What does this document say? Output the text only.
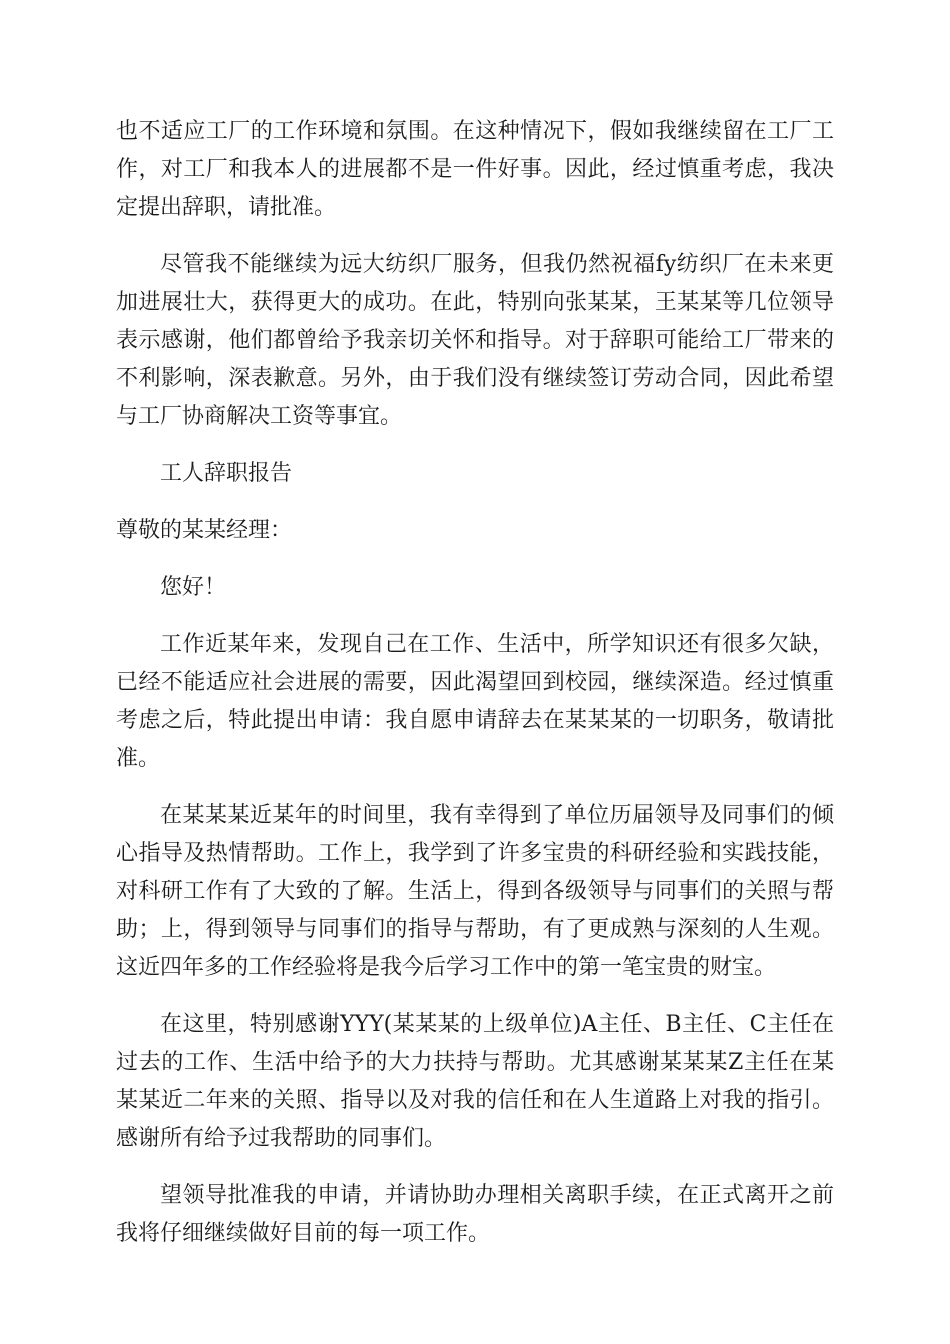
也不适应工厂的工作环境和氛围。在这种情况下，假如我继续留在工厂工作，对工厂和我本人的进展都不是一件好事。因此，经过慎重考虑，我决定提出辞职，请批准。

尽管我不能继续为远大纺织厂服务，但我仍然祝福fy纺织厂在未来更加进展壮大，获得更大的成功。在此，特别向张某某，王某某等几位领导表示感谢，他们都曾给予我亲切关怀和指导。对于辞职可能给工厂带来的不利影响，深表歉意。另外，由于我们没有继续签订劳动合同，因此希望与工厂协商解决工资等事宜。

工人辞职报告

尊敬的某某经理：

您好！

工作近某年来，发现自己在工作、生活中，所学知识还有很多欠缺，已经不能适应社会进展的需要，因此渴望回到校园，继续深造。经过慎重考虑之后，特此提出申请：我自愿申请辞去在某某某的一切职务，敬请批准。

在某某某近某年的时间里，我有幸得到了单位历届领导及同事们的倾心指导及热情帮助。工作上，我学到了许多宝贵的科研经验和实践技能，对科研工作有了大致的了解。生活上，得到各级领导与同事们的关照与帮助；上，得到领导与同事们的指导与帮助，有了更成熟与深刻的人生观。这近四年多的工作经验将是我今后学习工作中的第一笔宝贵的财宝。

在这里，特别感谢YYY(某某某的上级单位)A主任、B主任、C主任在过去的工作、生活中给予的大力扶持与帮助。尤其感谢某某某Z主任在某某某近二年来的关照、指导以及对我的信任和在人生道路上对我的指引。感谢所有给予过我帮助的同事们。

望领导批准我的申请，并请协助办理相关离职手续，在正式离开之前我将仔细继续做好目前的每一项工作。
